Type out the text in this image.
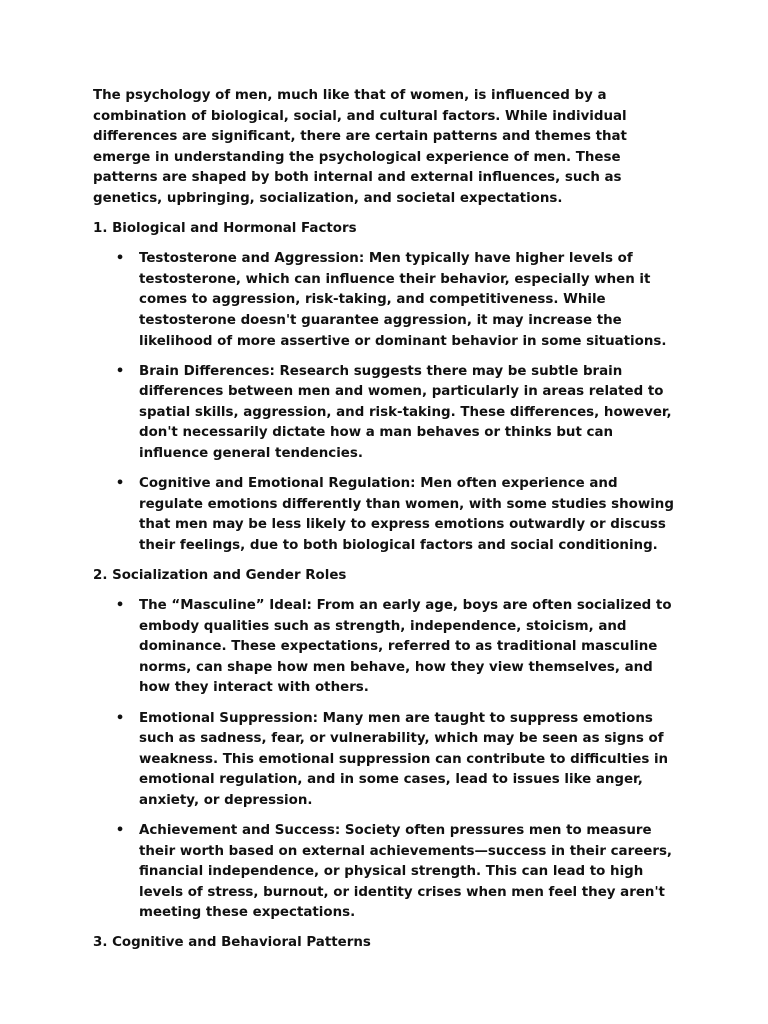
The psychology of men, much like that of women, is influenced by a combination of biological, social, and cultural factors. While individual differences are significant, there are certain patterns and themes that emerge in understanding the psychological experience of men. These patterns are shaped by both internal and external influences, such as genetics, upbringing, socialization, and societal expectations.

1. Biological and Hormonal Factors
• Testosterone and Aggression: Men typically have higher levels of testosterone, which can influence their behavior, especially when it comes to aggression, risk-taking, and competitiveness. While testosterone doesn't guarantee aggression, it may increase the likelihood of more assertive or dominant behavior in some situations.
• Brain Differences: Research suggests there may be subtle brain differences between men and women, particularly in areas related to spatial skills, aggression, and risk-taking. These differences, however, don't necessarily dictate how a man behaves or thinks but can influence general tendencies.
• Cognitive and Emotional Regulation: Men often experience and regulate emotions differently than women, with some studies showing that men may be less likely to express emotions outwardly or discuss their feelings, due to both biological factors and social conditioning.
2. Socialization and Gender Roles
• The “Masculine” Ideal: From an early age, boys are often socialized to embody qualities such as strength, independence, stoicism, and dominance. These expectations, referred to as traditional masculine norms, can shape how men behave, how they view themselves, and how they interact with others.
• Emotional Suppression: Many men are taught to suppress emotions such as sadness, fear, or vulnerability, which may be seen as signs of weakness. This emotional suppression can contribute to difficulties in emotional regulation, and in some cases, lead to issues like anger, anxiety, or depression.
• Achievement and Success: Society often pressures men to measure their worth based on external achievements—success in their careers, financial independence, or physical strength. This can lead to high levels of stress, burnout, or identity crises when men feel they aren't meeting these expectations.
3. Cognitive and Behavioral Patterns
